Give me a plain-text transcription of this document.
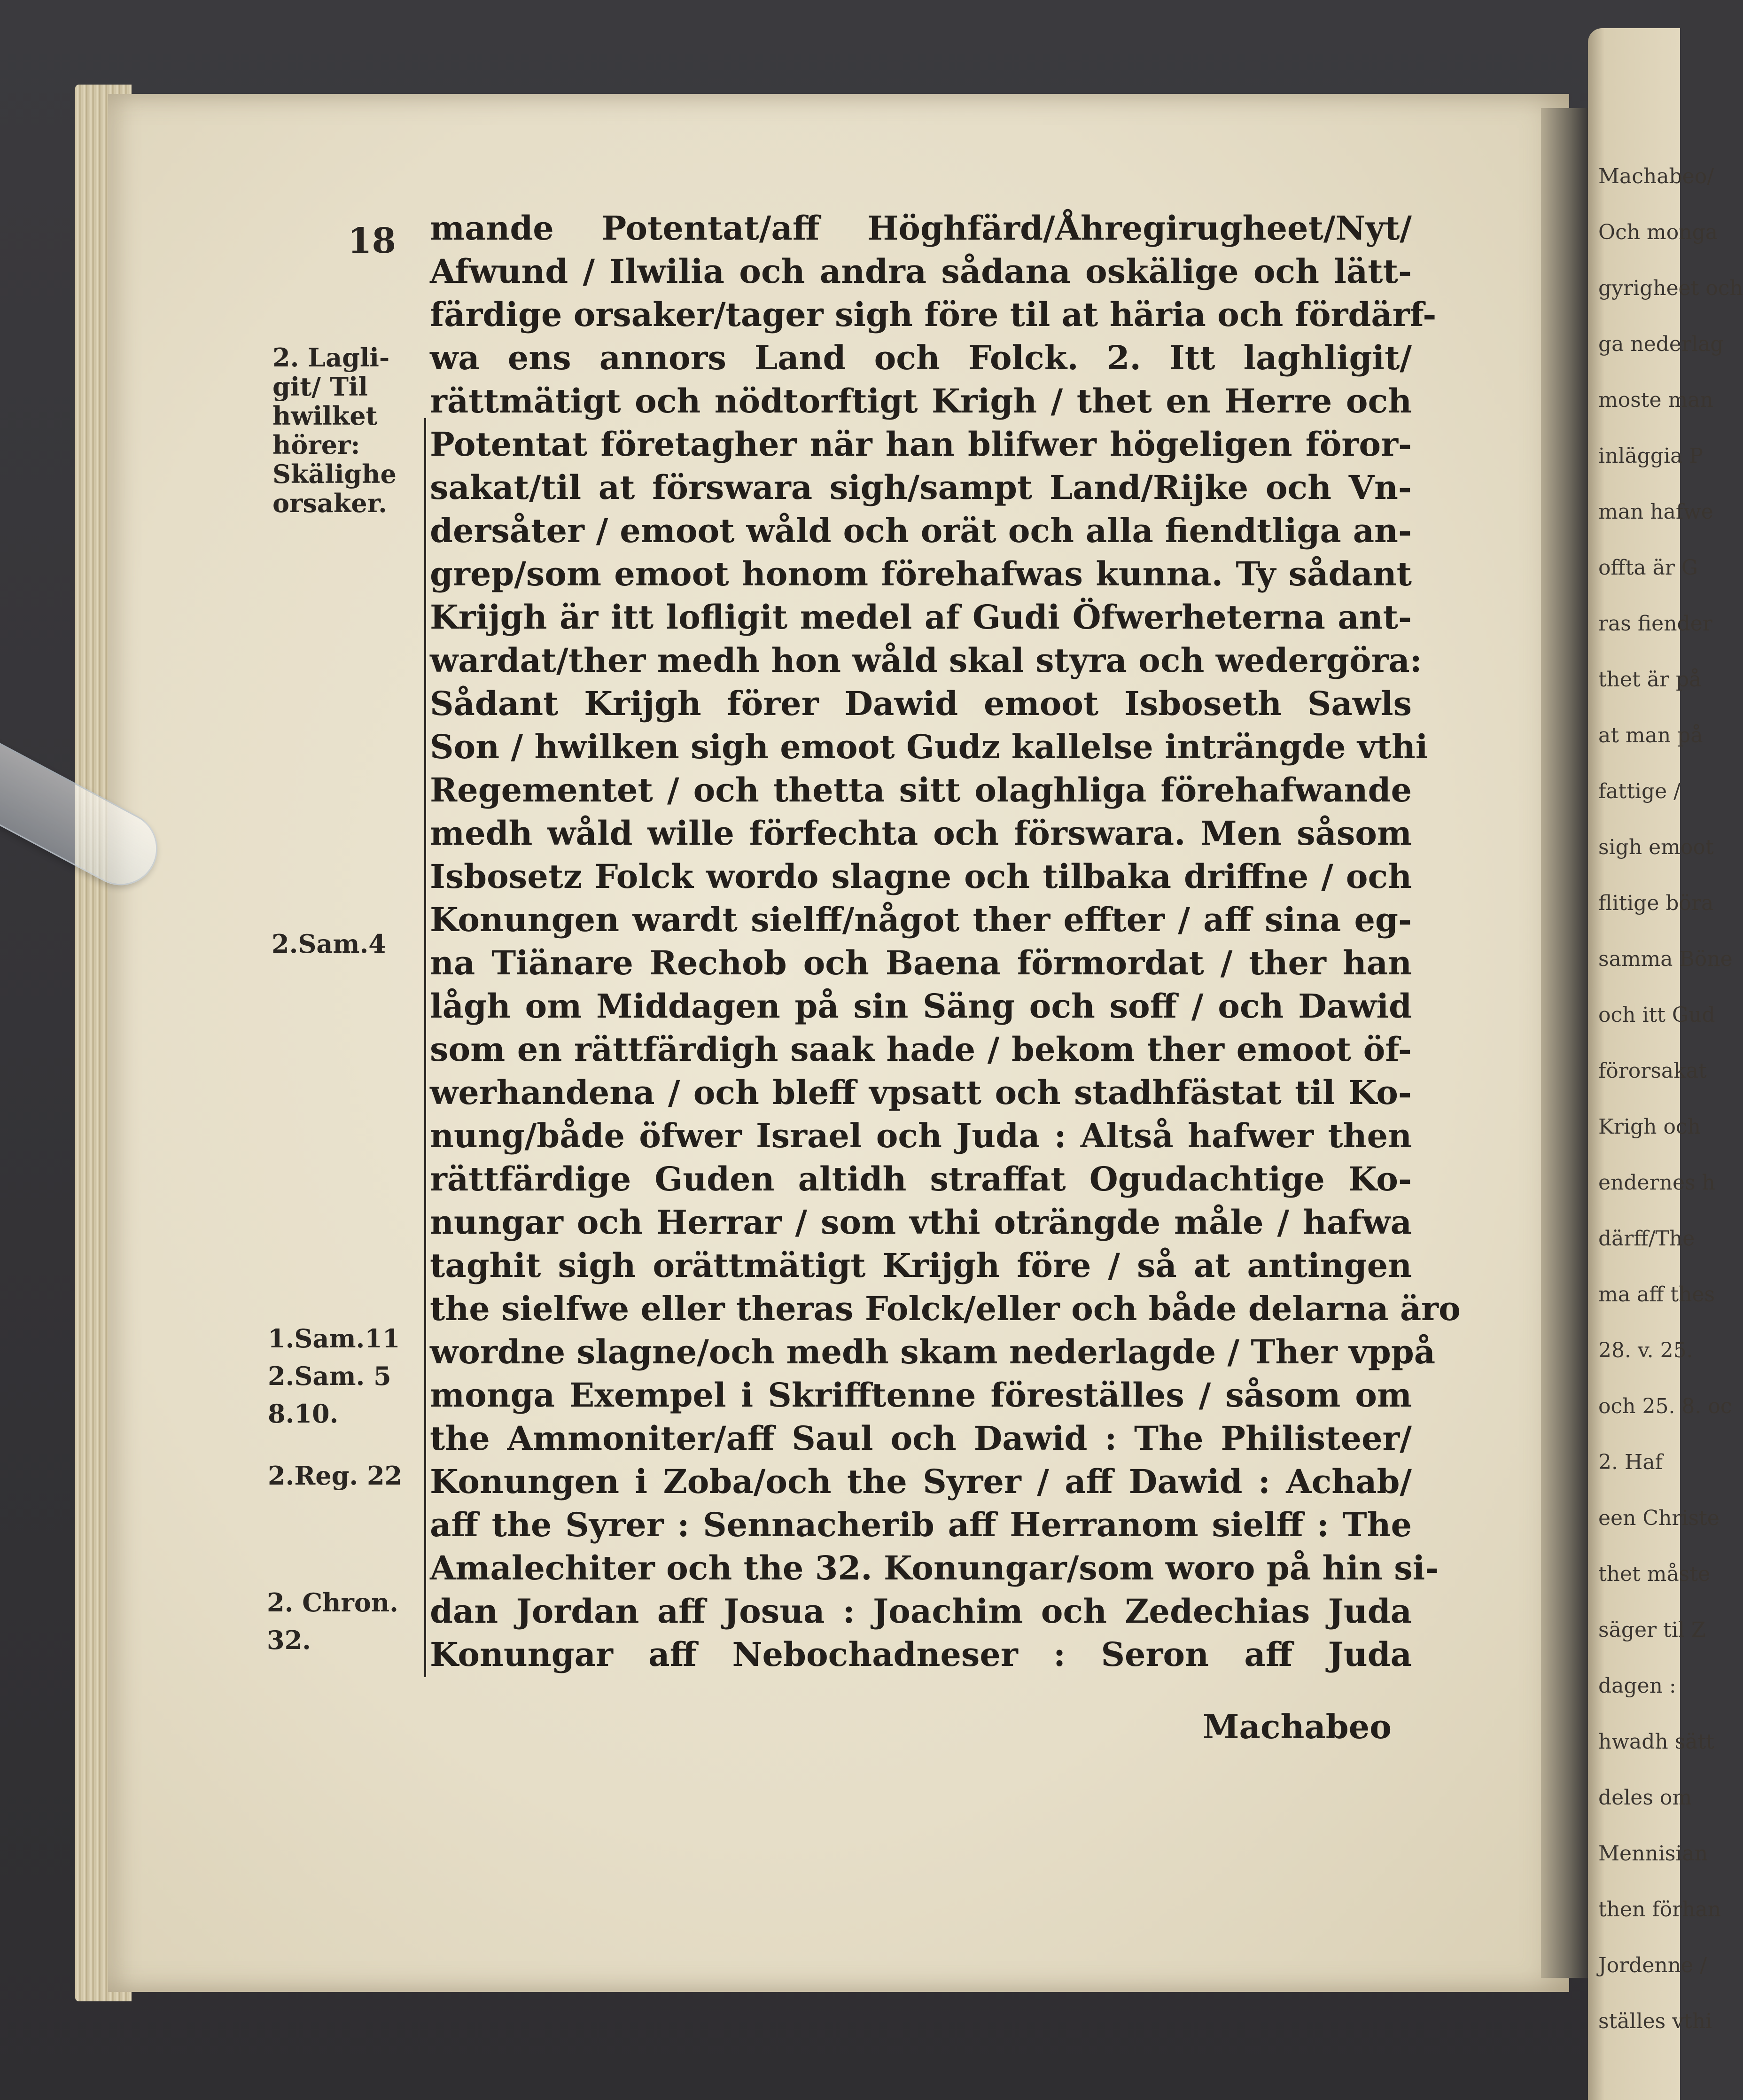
Machabeo/
Och monga
gyrigheet och
ga nederlag
moste man
inläggia P
man hafwe
offta är G
ras fiender
thet är på
at man på
fattige /
sigh emoot
flitige böra
samma Böne
och itt Gud
förorsakat
Krigh och
endernes h
därff/The
ma aff thes
28. v. 25.
och 25. 8. oc
2. Haf
een Christe
thet måste
säger til Z
dagen :
hwadh sätt
deles om
Mennisian
then förhan
Jordenne /
ställes vthi
18
2. Lagli-
git/ Til
hwilket
hörer:
Skälighe
orsaker.
2.Sam.4
1.Sam.11
2.Sam. 5
8.10.
2.Reg. 22
2. Chron.
32.
mande Potentat/aff Höghfärd/Åhregirugheet/Nyt/
Afwund / Ilwilia och andra sådana oskälige och lätt-
färdige orsaker/tager sigh före til at häria och fördärf-
wa ens annors Land och Folck. 2. Itt laghligit/
rättmätigt och nödtorftigt Krigh / thet en Herre och
Potentat företagher när han blifwer högeligen föror-
sakat/til at förswara sigh/sampt Land/Rijke och Vn-
dersåter / emoot wåld och orät och alla fiendtliga an-
grep/som emoot honom förehafwas kunna. Ty sådant
Krijgh är itt lofligit medel af Gudi Öfwerheterna ant-
wardat/ther medh hon wåld skal styra och wedergöra:
Sådant Krijgh förer Dawid emoot Isboseth Sawls
Son / hwilken sigh emoot Gudz kallelse inträngde vthi
Regementet / och thetta sitt olaghliga förehafwande
medh wåld wille förfechta och förswara. Men såsom
Isbosetz Folck wordo slagne och tilbaka driffne / och
Konungen wardt sielff/något ther effter / aff sina eg-
na Tiänare Rechob och Baena förmordat / ther han
lågh om Middagen på sin Säng och soff / och Dawid
som en rättfärdigh saak hade / bekom ther emoot öf-
werhandena / och bleff vpsatt och stadhfästat til Ko-
nung/både öfwer Israel och Juda : Altså hafwer then
rättfärdige Guden altidh straffat Ogudachtige Ko-
nungar och Herrar / som vthi oträngde måle / hafwa
taghit sigh orättmätigt Krijgh före / så at antingen
the sielfwe eller theras Folck/eller och både delarna äro
wordne slagne/och medh skam nederlagde / Ther vppå
monga Exempel i Skrifftenne föreställes / såsom om
the Ammoniter/aff Saul och Dawid : The Philisteer/
Konungen i Zoba/och the Syrer / aff Dawid : Achab/
aff the Syrer : Sennacherib aff Herranom sielff : The
Amalechiter och the 32. Konungar/som woro på hin si-
dan Jordan aff Josua : Joachim och Zedechias Juda
Konungar aff Nebochadneser : Seron aff Juda
Machabeo
